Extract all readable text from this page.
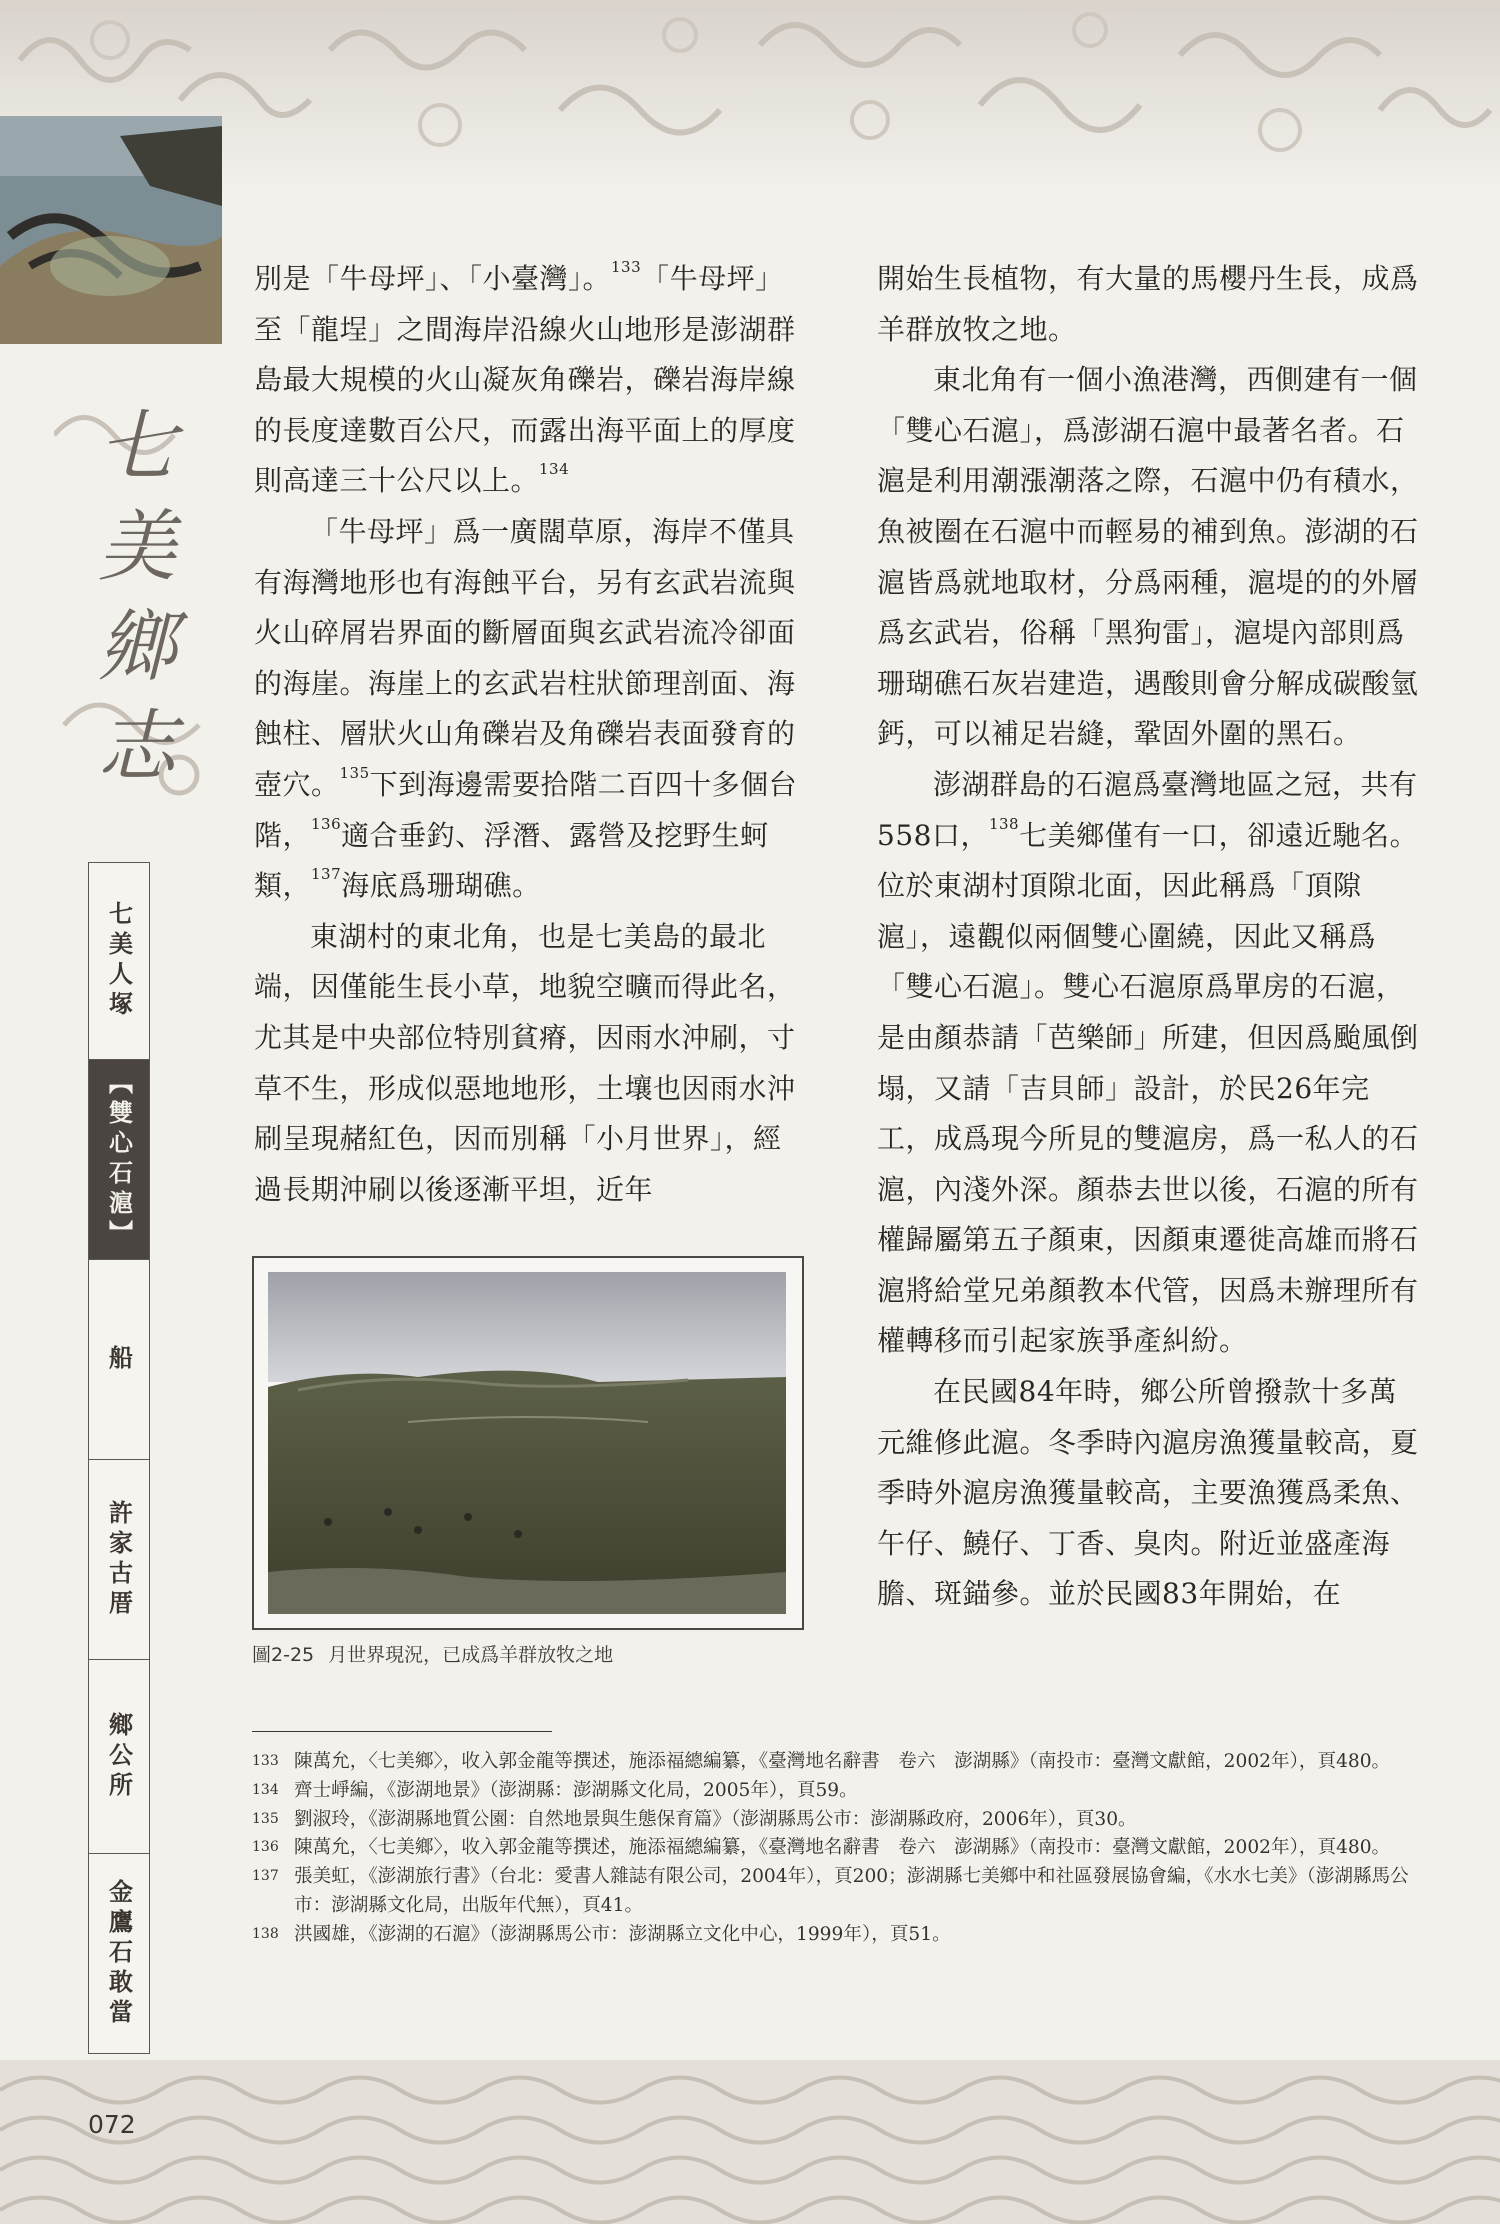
七美鄉志
七美人塚
【雙心石滬】
船
許家古厝
鄉公所
金鷹石敢當

別是「牛母坪」、「小臺灣」。$^{133}$「牛母坪」至「龍埕」之間海岸沿線火山地形是澎湖群島最大規模的火山凝灰角礫岩，礫岩海岸線的長度達數百公尺，而露出海平面上的厚度則高達三十公尺以上。$^{134}$

「牛母坪」爲一廣闊草原，海岸不僅具有海灣地形也有海蝕平台，另有玄武岩流與火山碎屑岩界面的斷層面與玄武岩流冷卻面的海崖。海崖上的玄武岩柱狀節理剖面、海蝕柱、層狀火山角礫岩及角礫岩表面發育的壺穴。$^{135}$下到海邊需要拾階二百四十多個台階，$^{136}$適合垂釣、浮潛、露營及挖野生蚵類，$^{137}$海底爲珊瑚礁。

東湖村的東北角，也是七美島的最北端，因僅能生長小草，地貌空曠而得此名，尤其是中央部位特別貧瘠，因雨水沖刷，寸草不生，形成似惡地地形，土壤也因雨水沖刷呈現赭紅色，因而別稱「小月世界」，經過長期沖刷以後逐漸平坦，近年

圖2-25 月世界現況，已成爲羊群放牧之地

開始生長植物，有大量的馬櫻丹生長，成爲羊群放牧之地。

東北角有一個小漁港灣，西側建有一個「雙心石滬」，爲澎湖石滬中最著名者。石滬是利用潮漲潮落之際，石滬中仍有積水，魚被圈在石滬中而輕易的補到魚。澎湖的石滬皆爲就地取材，分爲兩種，滬堤的的外層爲玄武岩，俗稱「黑狗雷」，滬堤內部則爲珊瑚礁石灰岩建造，遇酸則會分解成碳酸氫鈣，可以補足岩縫，鞏固外圍的黑石。

澎湖群島的石滬爲臺灣地區之冠，共有558口，$^{138}$七美鄉僅有一口，卻遠近馳名。位於東湖村頂隙北面，因此稱爲「頂隙滬」，遠觀似兩個雙心圍繞，因此又稱爲「雙心石滬」。雙心石滬原爲單房的石滬，是由顏恭請「芭樂師」所建，但因爲颱風倒塌，又請「吉貝師」設計，於民26年完工，成爲現今所見的雙滬房，爲一私人的石滬，內淺外深。顏恭去世以後，石滬的所有權歸屬第五子顏東，因顏東遷徙高雄而將石滬將給堂兄弟顏教本代管，因爲未辦理所有權轉移而引起家族爭產糾紛。

在民國84年時，鄉公所曾撥款十多萬元維修此滬。冬季時內滬房漁獲量較高，夏季時外滬房漁獲量較高，主要漁獲爲柔魚、午仔、鱙仔、丁香、臭肉。附近並盛產海膽、斑錨參。並於民國83年開始，在

133 陳萬允，〈七美鄉〉，收入郭金龍等撰述，施添福總編纂，《臺灣地名辭書　卷六　澎湖縣》（南投市：臺灣文獻館，2002年），頁480。
134 齊士崢編，《澎湖地景》（澎湖縣：澎湖縣文化局，2005年），頁59。
135 劉淑玲，《澎湖縣地質公園：自然地景與生態保育篇》（澎湖縣馬公市：澎湖縣政府，2006年），頁30。
136 陳萬允，〈七美鄉〉，收入郭金龍等撰述，施添福總編纂，《臺灣地名辭書　卷六　澎湖縣》（南投市：臺灣文獻館，2002年），頁480。
137 張美虹，《澎湖旅行書》（台北：愛書人雜誌有限公司，2004年），頁200；澎湖縣七美鄉中和社區發展協會編，《水水七美》（澎湖縣馬公市：澎湖縣文化局，出版年代無），頁41。
138 洪國雄，《澎湖的石滬》（澎湖縣馬公市：澎湖縣立文化中心，1999年），頁51。
072
